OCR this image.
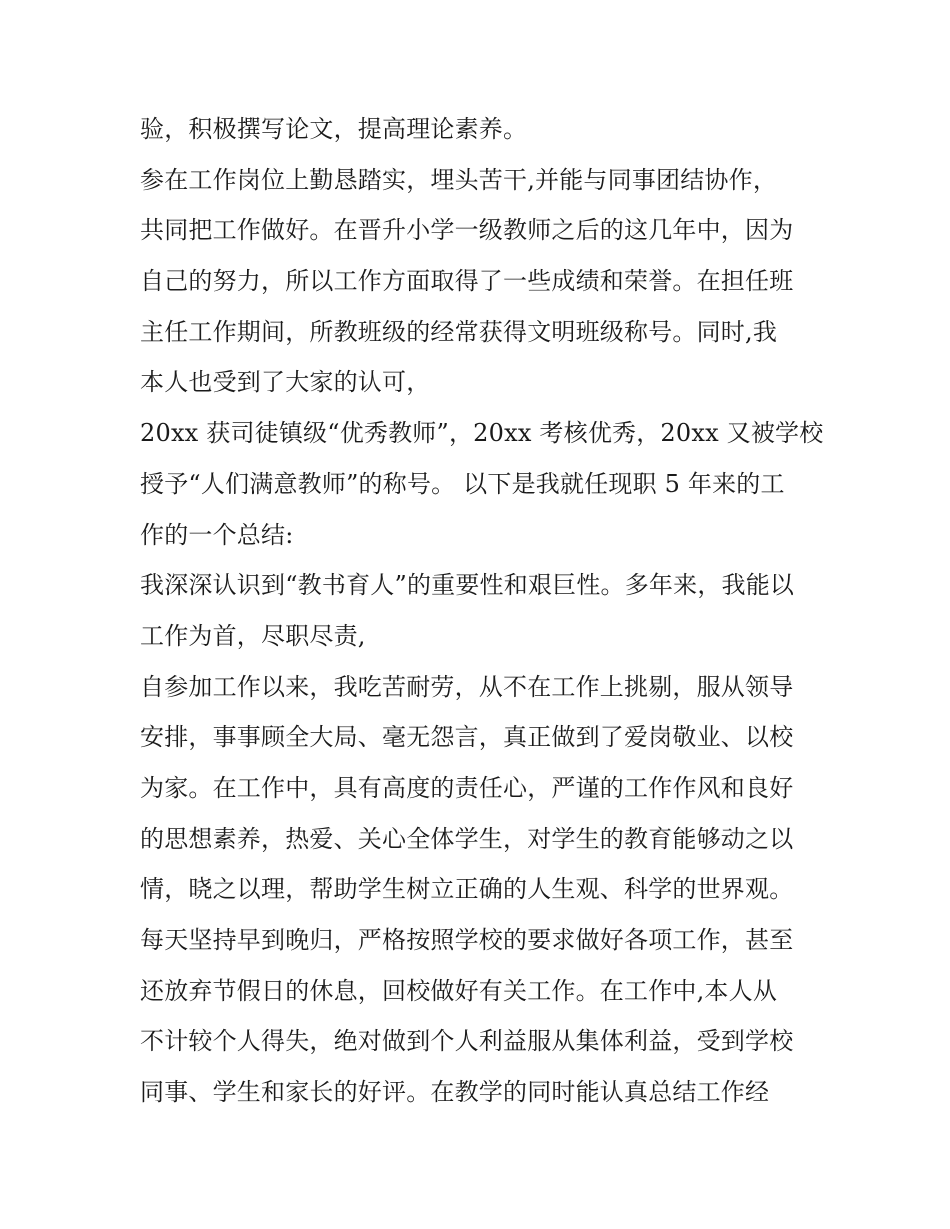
验，积极撰写论文，提高理论素养。
参在工作岗位上勤恳踏实，埋头苦干,并能与同事团结协作，
共同把工作做好。在晋升小学一级教师之后的这几年中，因为
自己的努力，所以工作方面取得了一些成绩和荣誉。在担任班
主任工作期间，所教班级的经常获得文明班级称号。同时,我
本人也受到了大家的认可，
20xx 获司徒镇级“优秀教师”，20xx 考核优秀，20xx 又被学校
授予“人们满意教师”的称号。 以下是我就任现职 5 年来的工
作的一个总结:
我深深认识到“教书育人”的重要性和艰巨性。多年来，我能以
工作为首，尽职尽责,
自参加工作以来，我吃苦耐劳，从不在工作上挑剔，服从领导
安排，事事顾全大局、毫无怨言，真正做到了爱岗敬业、以校
为家。在工作中，具有高度的责任心，严谨的工作作风和良好
的思想素养，热爱、关心全体学生，对学生的教育能够动之以
情，晓之以理，帮助学生树立正确的人生观、科学的世界观。
每天坚持早到晚归，严格按照学校的要求做好各项工作，甚至
还放弃节假日的休息，回校做好有关工作。在工作中,本人从
不计较个人得失，绝对做到个人利益服从集体利益，受到学校
同事、学生和家长的好评。在教学的同时能认真总结工作经
